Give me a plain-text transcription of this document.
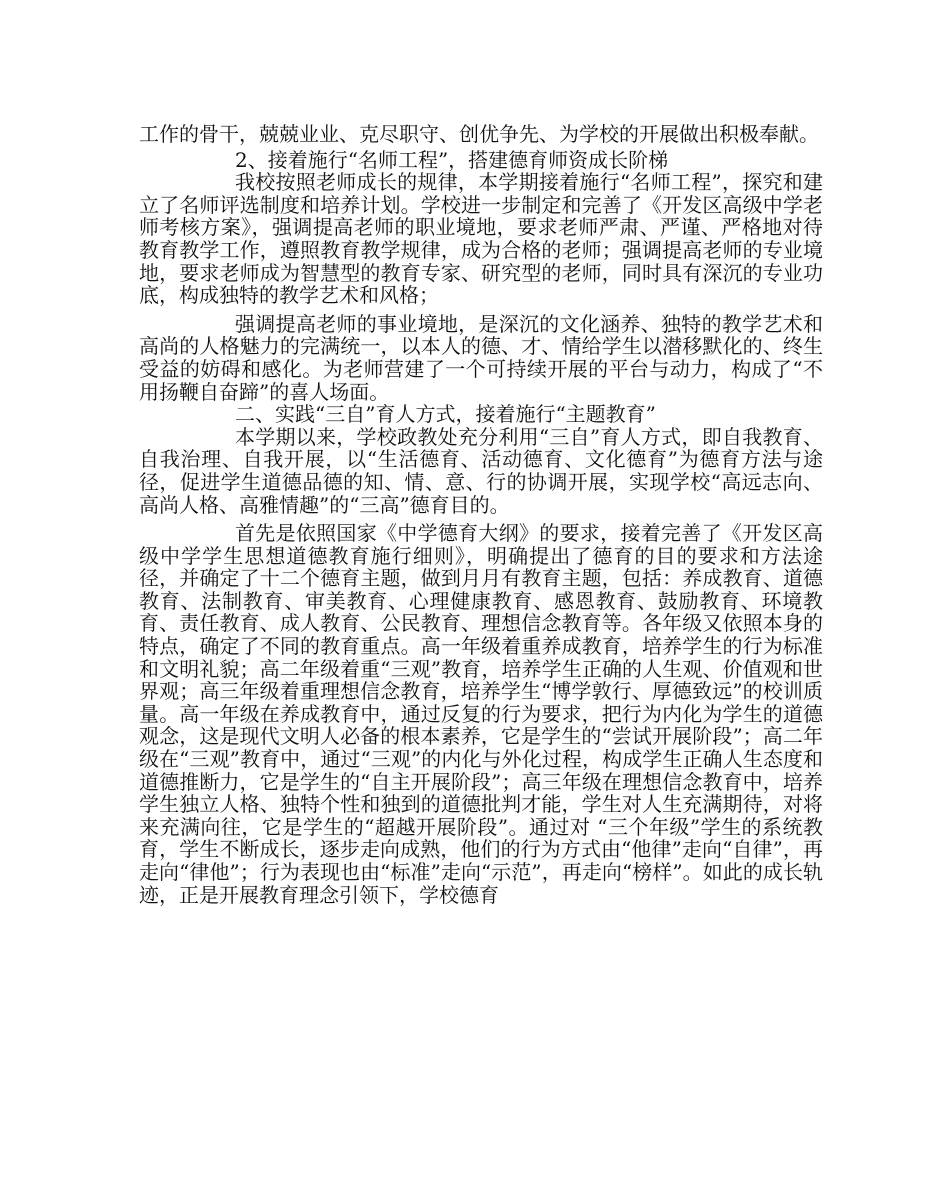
工作的骨干，兢兢业业、克尽职守、创优争先、为学校的开展做出积极奉献。

2、接着施行“名师工程”，搭建德育师资成长阶梯

我校按照老师成长的规律，本学期接着施行“名师工程”，探究和建立了名师评选制度和培养计划。学校进一步制定和完善了《开发区高级中学老师考核方案》，强调提高老师的职业境地，要求老师严肃、严谨、严格地对待教育教学工作，遵照教育教学规律，成为合格的老师；强调提高老师的专业境地，要求老师成为智慧型的教育专家、研究型的老师，同时具有深沉的专业功底，构成独特的教学艺术和风格；

强调提高老师的事业境地，是深沉的文化涵养、独特的教学艺术和高尚的人格魅力的完满统一，以本人的德、才、情给学生以潜移默化的、终生受益的妨碍和感化。为老师营建了一个可持续开展的平台与动力，构成了“不用扬鞭自奋蹄”的喜人场面。

二、实践“三自”育人方式，接着施行“主题教育”

本学期以来，学校政教处充分利用“三自”育人方式，即自我教育、自我治理、自我开展，以“生活德育、活动德育、文化德育”为德育方法与途径，促进学生道德品德的知、情、意、行的协调开展，实现学校“高远志向、高尚人格、高雅情趣”的“三高”德育目的。

首先是依照国家《中学德育大纲》的要求，接着完善了《开发区高级中学学生思想道德教育施行细则》，明确提出了德育的目的要求和方法途径，并确定了十二个德育主题，做到月月有教育主题，包括：养成教育、道德教育、法制教育、审美教育、心理健康教育、感恩教育、鼓励教育、环境教育、责任教育、成人教育、公民教育、理想信念教育等。各年级又依照本身的特点，确定了不同的教育重点。高一年级着重养成教育，培养学生的行为标准和文明礼貌；高二年级着重“三观”教育，培养学生正确的人生观、价值观和世界观；高三年级着重理想信念教育，培养学生“博学敦行、厚德致远”的校训质量。高一年级在养成教育中，通过反复的行为要求，把行为内化为学生的道德观念，这是现代文明人必备的根本素养，它是学生的“尝试开展阶段”；高二年级在“三观”教育中，通过“三观”的内化与外化过程，构成学生正确人生态度和道德推断力，它是学生的“自主开展阶段”；高三年级在理想信念教育中，培养学生独立人格、独特个性和独到的道德批判才能，学生对人生充满期待，对将来充满向往，它是学生的“超越开展阶段”。通过对 “三个年级”学生的系统教育，学生不断成长，逐步走向成熟，他们的行为方式由“他律”走向“自律”，再走向“律他”；行为表现也由“标准”走向“示范”，再走向“榜样”。如此的成长轨迹，正是开展教育理念引领下，学校德育
